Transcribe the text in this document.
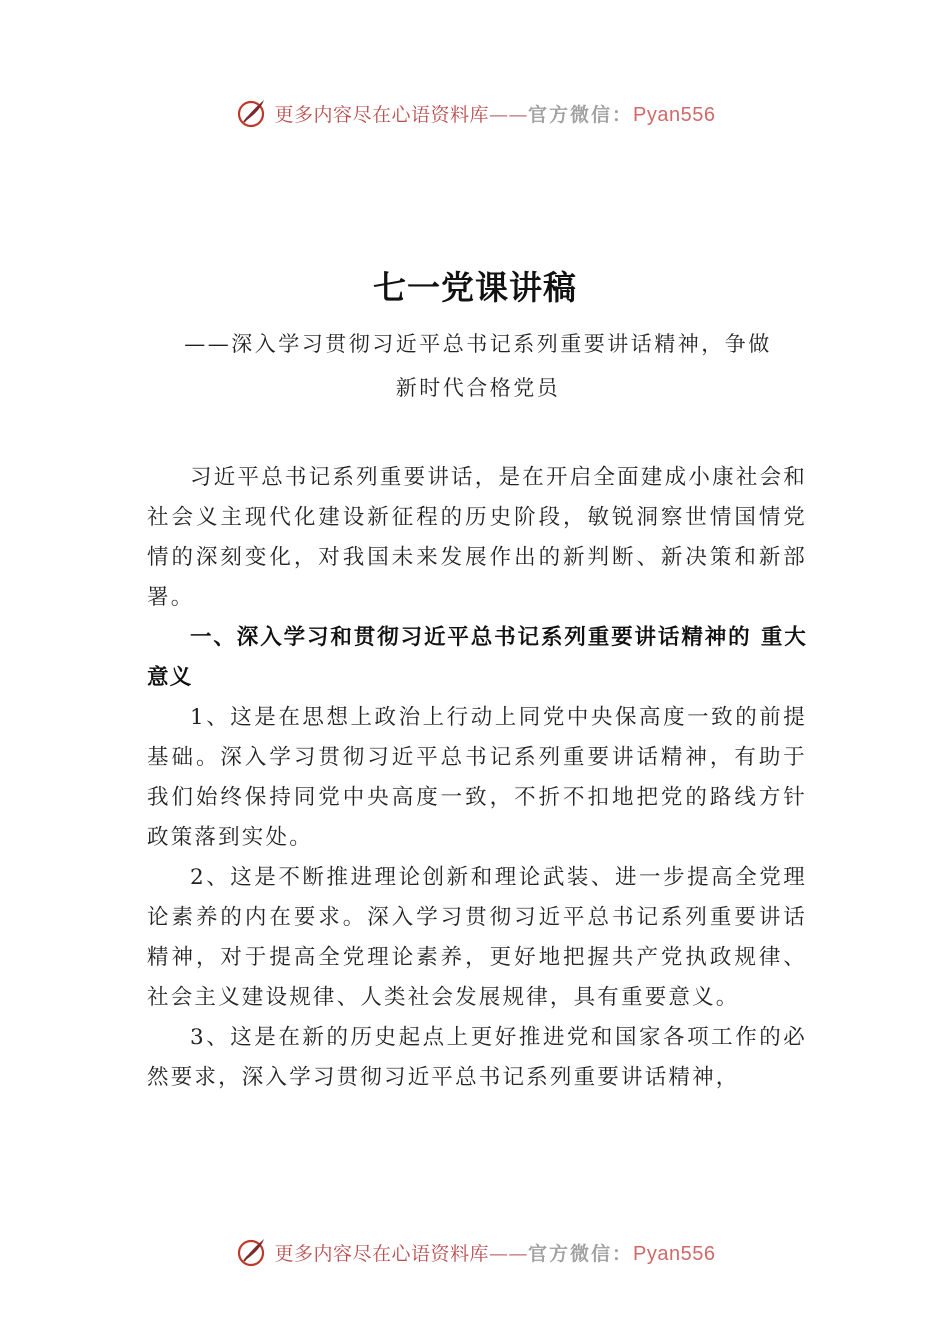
更多内容尽在心语资料库——官方微信：Pyan556
七一党课讲稿
——深入学习贯彻习近平总书记系列重要讲话精神，争做
新时代合格党员

习近平总书记系列重要讲话，是在开启全面建成小康社会和社会义主现代化建设新征程的历史阶段，敏锐洞察世情国情党情的深刻变化，对我国未来发展作出的新判断、新决策和新部署。

一、深入学习和贯彻习近平总书记系列重要讲话精神的 重大意义

1、这是在思想上政治上行动上同党中央保高度一致的前提基础。深入学习贯彻习近平总书记系列重要讲话精神，有助于我们始终保持同党中央高度一致，不折不扣地把党的路线方针政策落到实处。

2、这是不断推进理论创新和理论武装、进一步提高全党理论素养的内在要求。深入学习贯彻习近平总书记系列重要讲话精神，对于提高全党理论素养，更好地把握共产党执政规律、社会主义建设规律、人类社会发展规律，具有重要意义。

3、这是在新的历史起点上更好推进党和国家各项工作的必然要求，深入学习贯彻习近平总书记系列重要讲话精神，

更多内容尽在心语资料库——官方微信：Pyan556
